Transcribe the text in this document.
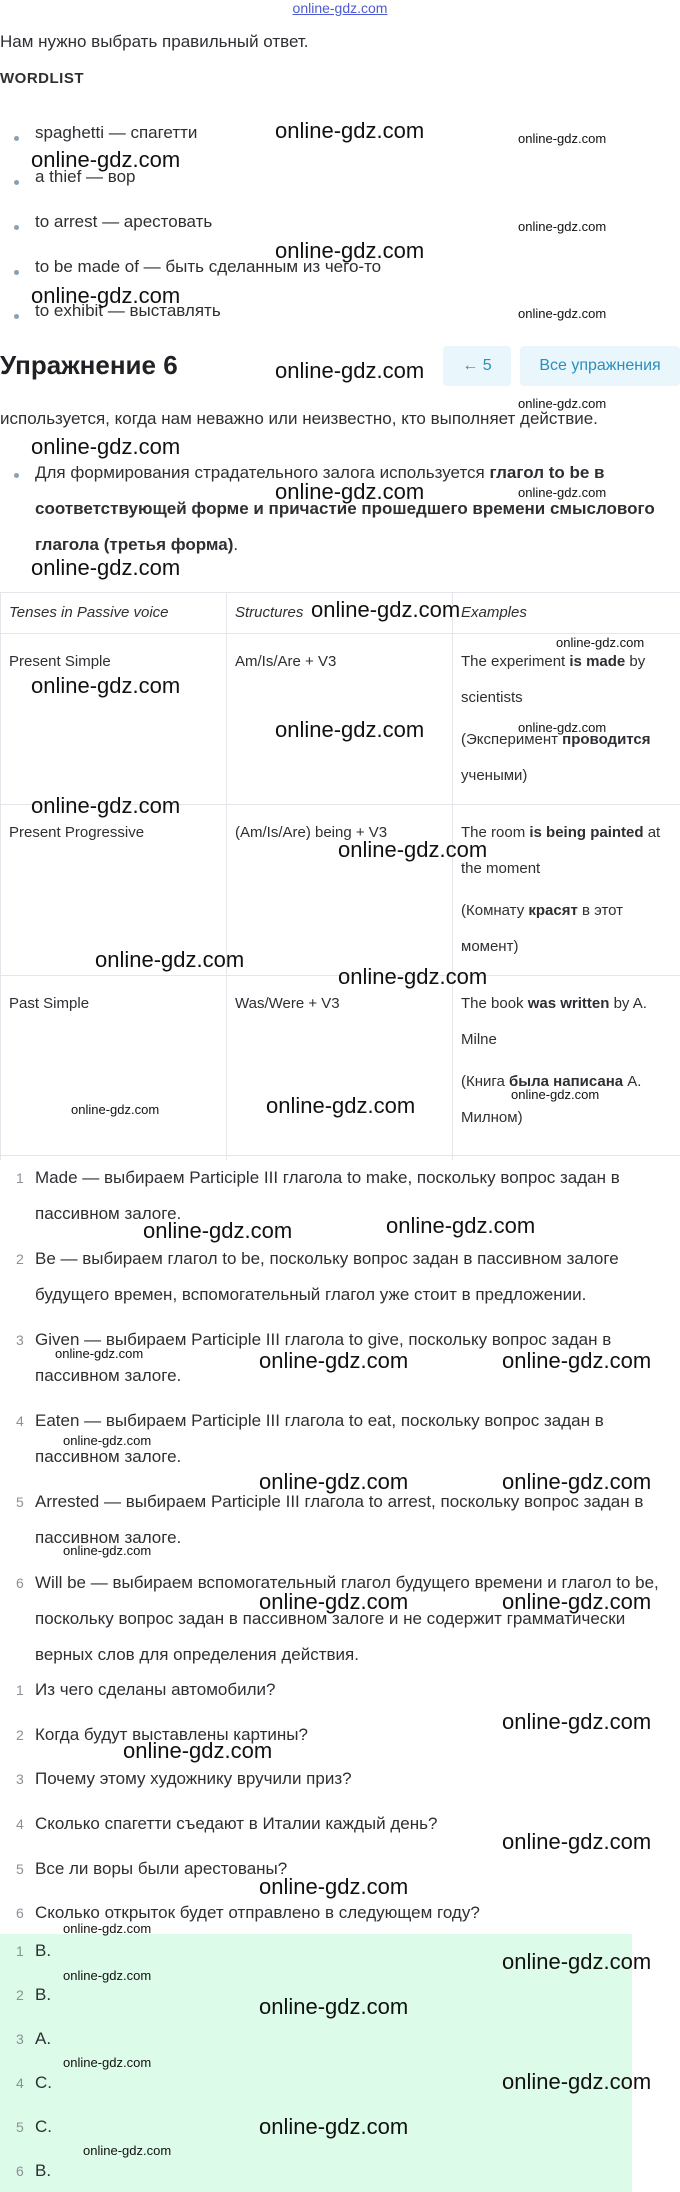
online-gdz.com
Нам нужно выбрать правильный ответ.
WORDLIST
spaghetti — спагетти
a thief — вор
to arrest — арестовать
to be made of — быть сделанным из чего-то
to exhibit — выставлять
Упражнение 6	← 5	Все упражнения
используется, когда нам неважно или неизвестно, кто выполняет действие.
Для формирования страдательного залога используется глагол to be в соответствующей форме и причастие прошедшего времени смыслового глагола (третья форма).
Tenses in Passive voice	Structures	Examples
Present Simple	Am/Is/Are + V3	The experiment is made by scientists
(Эксперимент проводится учеными)

Present Progressive	(Am/Is/Are) being + V3	The room is being painted at the moment
(Комнату красят в этот момент)

Past Simple	Was/Were + V3	The book was written by A. Milne
(Книга была написана А. Милном)

1 Made — выбираем Participle III глагола to make, поскольку вопрос задан в пассивном залоге.
2 Be — выбираем глагол to be, поскольку вопрос задан в пассивном залоге будущего времен, вспомогательный глагол уже стоит в предложении.
3 Given — выбираем Participle III глагола to give, поскольку вопрос задан в пассивном залоге.
4 Eaten — выбираем Participle III глагола to eat, поскольку вопрос задан в пассивном залоге.
5 Arrested — выбираем Participle III глагола to arrest, поскольку вопрос задан в пассивном залоге.
6 Will be — выбираем вспомогательный глагол будущего времени и глагол to be, поскольку вопрос задан в пассивном залоге и не содержит грамматически верных слов для определения действия.
1 Из чего сделаны автомобили?
2 Когда будут выставлены картины?
3 Почему этому художнику вручили приз?
4 Сколько спагетти съедают в Италии каждый день?
5 Все ли воры были арестованы?
6 Сколько открыток будет отправлено в следующем году?
1 B.
2 B.
3 A.
4 C.
5 C.
6 B.
online-gdz.com	online-gdz.com
online-gdz.com
online-gdz.com
online-gdz.com
online-gdz.com
online-gdz.com
online-gdz.com
online-gdz.com
online-gdz.com
online-gdz.com	online-gdz.com
online-gdz.com
online-gdz.com
online-gdz.com
online-gdz.com
online-gdz.com	online-gdz.com
online-gdz.com
online-gdz.com
online-gdz.com
online-gdz.com
online-gdz.com
online-gdz.com	online-gdz.com
online-gdz.com
online-gdz.com
online-gdz.com	online-gdz.com	online-gdz.com
online-gdz.com
online-gdz.com	online-gdz.com
online-gdz.com
online-gdz.com	online-gdz.com
online-gdz.com
online-gdz.com
online-gdz.com
online-gdz.com
online-gdz.com
online-gdz.com
online-gdz.com
online-gdz.com
online-gdz.com
online-gdz.com
online-gdz.com
online-gdz.com
